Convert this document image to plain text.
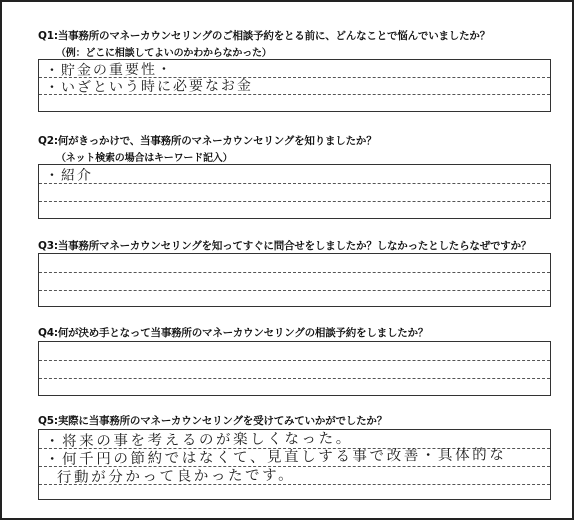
Q1:当事務所のマネーカウンセリングのご相談予約をとる前に、どんなことで悩んでいましたか？
（例：どこに相談してよいのかわからなかった）
・貯金の重要性・
・いざという時に必要なお金
Q2:何がきっかけで、当事務所のマネーカウンセリングを知りましたか？
（ネット検索の場合はキーワード記入）
・紹介
Q3:当事務所マネーカウンセリングを知ってすぐに問合せをしましたか？しなかったとしたらなぜですか？
Q4:何が決め手となって当事務所のマネーカウンセリングの相談予約をしましたか？
Q5:実際に当事務所のマネーカウンセリングを受けてみていかがでしたか？
・将来の事を考えるのが楽しくなった。
・何千円の節約ではなくて、見直しする事で改善・具体的な
行動が分かって良かったです。
